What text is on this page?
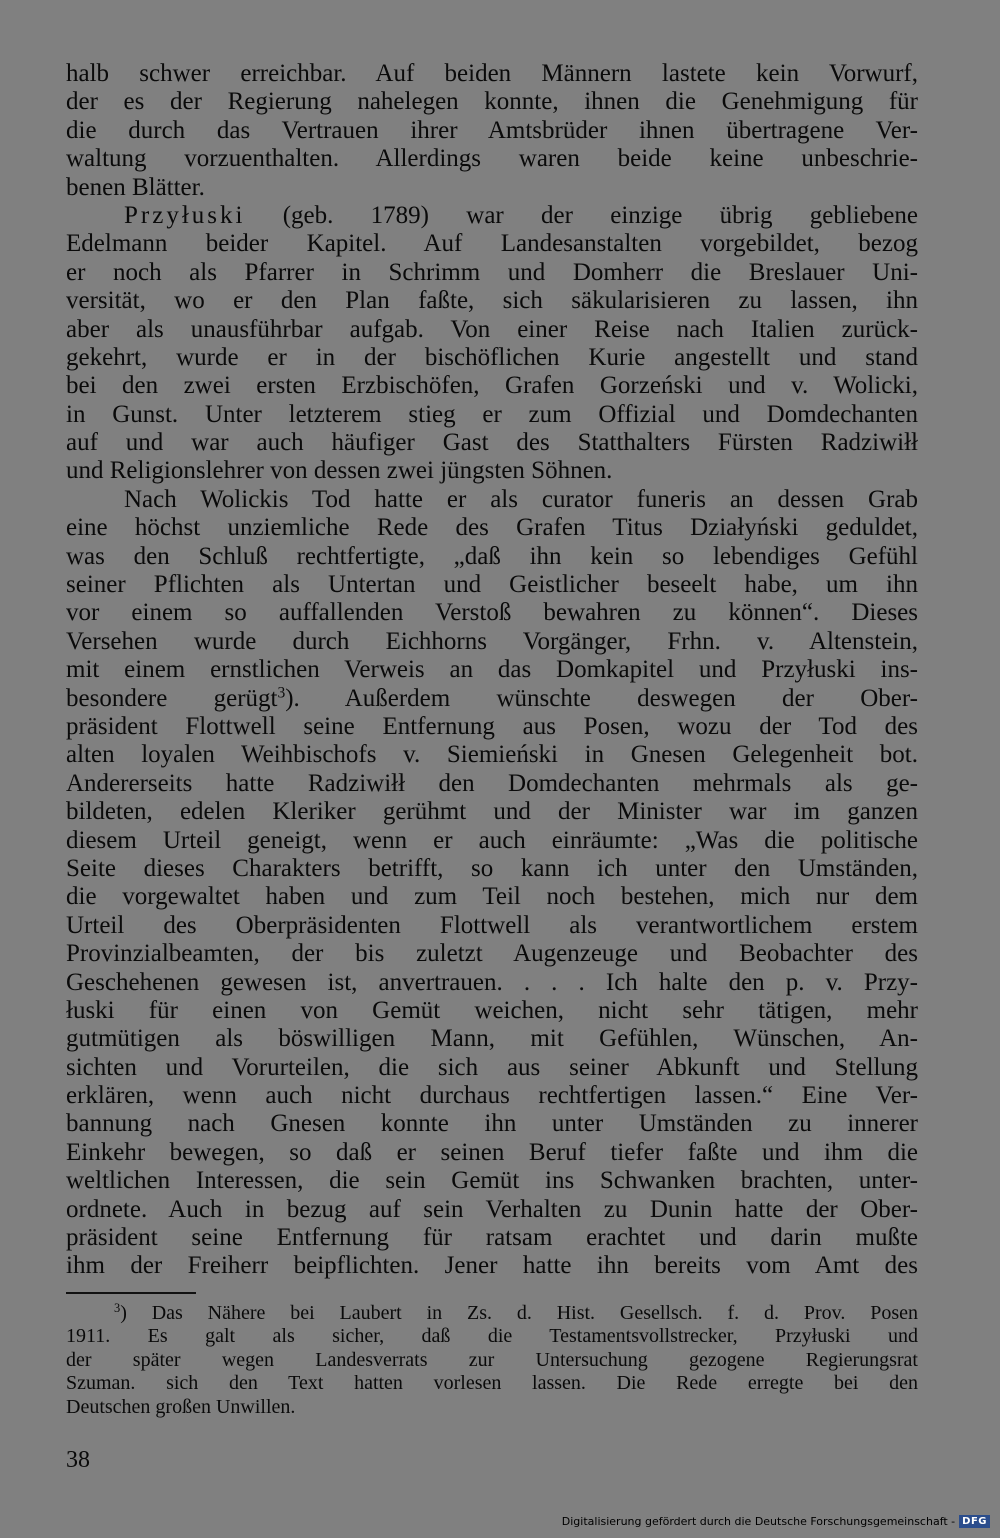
halb schwer erreichbar. Auf beiden Männern lastete kein Vorwurf,
der es der Regierung nahelegen konnte, ihnen die Genehmigung für
die durch das Vertrauen ihrer Amtsbrüder ihnen übertragene Ver-
waltung vorzuenthalten. Allerdings waren beide keine unbeschrie-
benen Blätter.
Przyłuski (geb. 1789) war der einzige übrig gebliebene
Edelmann beider Kapitel. Auf Landesanstalten vorgebildet, bezog
er noch als Pfarrer in Schrimm und Domherr die Breslauer Uni-
versität, wo er den Plan faßte, sich säkularisieren zu lassen, ihn
aber als unausführbar aufgab. Von einer Reise nach Italien zurück-
gekehrt, wurde er in der bischöflichen Kurie angestellt und stand
bei den zwei ersten Erzbischöfen, Grafen Gorzeński und v. Wolicki,
in Gunst. Unter letzterem stieg er zum Offizial und Domdechanten
auf und war auch häufiger Gast des Statthalters Fürsten Radziwiłł
und Religionslehrer von dessen zwei jüngsten Söhnen.
Nach Wolickis Tod hatte er als curator funeris an dessen Grab
eine höchst unziemliche Rede des Grafen Titus Działyński geduldet,
was den Schluß rechtfertigte, „daß ihn kein so lebendiges Gefühl
seiner Pflichten als Untertan und Geistlicher beseelt habe, um ihn
vor einem so auffallenden Verstoß bewahren zu können“. Dieses
Versehen wurde durch Eichhorns Vorgänger, Frhn. v. Altenstein,
mit einem ernstlichen Verweis an das Domkapitel und Przyłuski ins-
besondere gerügt$^3$). Außerdem wünschte deswegen der Ober-
präsident Flottwell seine Entfernung aus Posen, wozu der Tod des
alten loyalen Weihbischofs v. Siemieński in Gnesen Gelegenheit bot.
Andererseits hatte Radziwiłł den Domdechanten mehrmals als ge-
bildeten, edelen Kleriker gerühmt und der Minister war im ganzen
diesem Urteil geneigt, wenn er auch einräumte: „Was die politische
Seite dieses Charakters betrifft, so kann ich unter den Umständen,
die vorgewaltet haben und zum Teil noch bestehen, mich nur dem
Urteil des Oberpräsidenten Flottwell als verantwortlichem erstem
Provinzialbeamten, der bis zuletzt Augenzeuge und Beobachter des
Geschehenen gewesen ist, anvertrauen. . . . Ich halte den p. v. Przy-
łuski für einen von Gemüt weichen, nicht sehr tätigen, mehr
gutmütigen als böswilligen Mann, mit Gefühlen, Wünschen, An-
sichten und Vorurteilen, die sich aus seiner Abkunft und Stellung
erklären, wenn auch nicht durchaus rechtfertigen lassen.“ Eine Ver-
bannung nach Gnesen konnte ihn unter Umständen zu innerer
Einkehr bewegen, so daß er seinen Beruf tiefer faßte und ihm die
weltlichen Interessen, die sein Gemüt ins Schwanken brachten, unter-
ordnete. Auch in bezug auf sein Verhalten zu Dunin hatte der Ober-
präsident seine Entfernung für ratsam erachtet und darin mußte
ihm der Freiherr beipflichten. Jener hatte ihn bereits vom Amt des
$^3$) Das Nähere bei Laubert in Zs. d. Hist. Gesellsch. f. d. Prov. Posen
1911. Es galt als sicher, daß die Testamentsvollstrecker, Przyłuski und
der später wegen Landesverrats zur Untersuchung gezogene Regierungsrat
Szuman. sich den Text hatten vorlesen lassen. Die Rede erregte bei den
Deutschen großen Unwillen.
38
Digitalisierung gefördert durch die Deutsche Forschungsgemeinschaft - DFG
